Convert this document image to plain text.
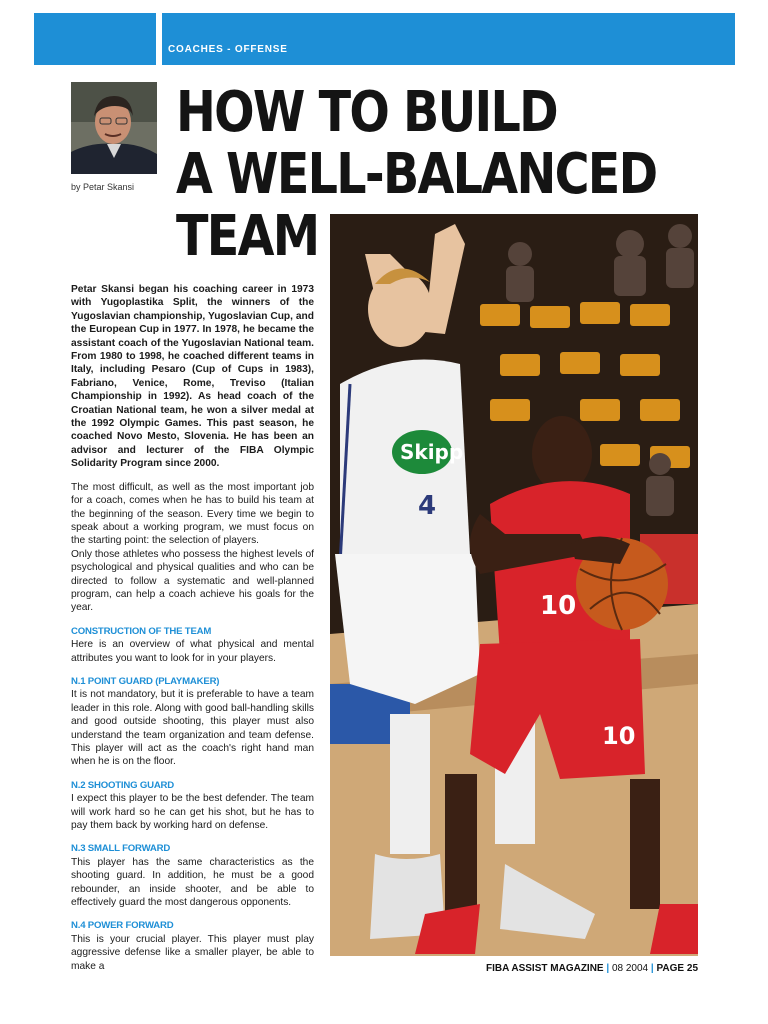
COACHES - OFFENSE
by Petar Skansi
HOW TO BUILD
A WELL-BALANCED
TEAM

Petar Skansi began his coaching career in 1973 with Yugoplastika Split, the winners of the Yugoslavian championship, Yugoslavian Cup, and the European Cup in 1977. In 1978, he became the assistant coach of the Yugoslavian National team. From 1980 to 1998, he coached different teams in Italy, including Pesaro (Cup of Cups in 1983), Fabriano, Venice, Rome, Treviso (Italian Championship in 1992). As head coach of the Croatian National team, he won a silver medal at the 1992 Olympic Games. This past season, he coached Novo Mesto, Slovenia. He has been an advisor and lecturer of the FIBA Olympic Solidarity Program since 2000.

The most difficult, as well as the most important job for a coach, comes when he has to build his team at the beginning of the season. Every time we begin to speak about a working program, we must focus on the starting point: the selection of players.

Only those athletes who possess the highest levels of psychological and physical qualities and who can be directed to follow a systematic and well-planned program, can help a coach achieve his goals for the year.

CONSTRUCTION OF THE TEAM

Here is an overview of what physical and mental attributes you want to look for in your players.

N.1 POINT GUARD (PLAYMAKER)

It is not mandatory, but it is preferable to have a team leader in this role. Along with good ball-handling skills and good outside shooting, this player must also understand the team organization and team defense. This player will act as the coach's right hand man when he is on the floor.

N.2 SHOOTING GUARD

I expect this player to be the best defender. The team will work hard so he can get his shot, but he has to pay them back by working hard on defense.

N.3 SMALL FORWARD

This player has the same characteristics as the shooting guard. In addition, he must be a good rebounder, an inside shooter, and be able to effectively guard the most dangerous opponents.

N.4 POWER FORWARD

This is your crucial player. This player must play aggressive defense like a smaller player, be able to make a

Skipp
4
10
10
FIBA ASSIST MAGAZINE | 08 2004 | PAGE 25
